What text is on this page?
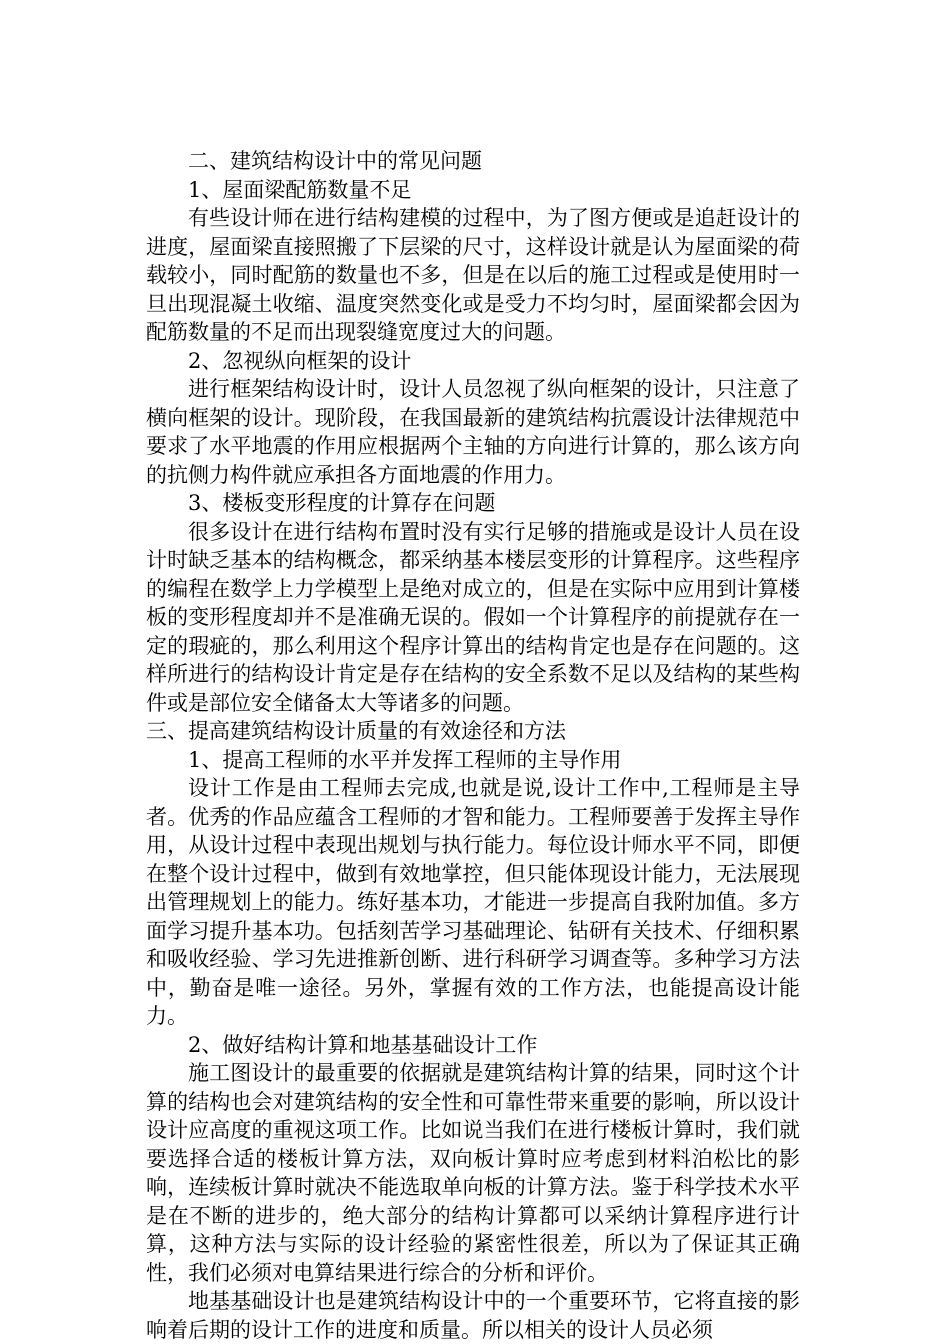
二、建筑结构设计中的常见问题

1、屋面梁配筋数量不足

有些设计师在进行结构建模的过程中，为了图方便或是追赶设计的进度，屋面梁直接照搬了下层梁的尺寸，这样设计就是认为屋面梁的荷载较小，同时配筋的数量也不多，但是在以后的施工过程或是使用时一旦出现混凝土收缩、温度突然变化或是受力不均匀时，屋面梁都会因为配筋数量的不足而出现裂缝宽度过大的问题。

2、忽视纵向框架的设计

进行框架结构设计时，设计人员忽视了纵向框架的设计，只注意了横向框架的设计。现阶段，在我国最新的建筑结构抗震设计法律规范中要求了水平地震的作用应根据两个主轴的方向进行计算的，那么该方向的抗侧力构件就应承担各方面地震的作用力。

3、楼板变形程度的计算存在问题

很多设计在进行结构布置时没有实行足够的措施或是设计人员在设计时缺乏基本的结构概念，都采纳基本楼层变形的计算程序。这些程序的编程在数学上力学模型上是绝对成立的，但是在实际中应用到计算楼板的变形程度却并不是准确无误的。假如一个计算程序的前提就存在一定的瑕疵的，那么利用这个程序计算出的结构肯定也是存在问题的。这样所进行的结构设计肯定是存在结构的安全系数不足以及结构的某些构件或是部位安全储备太大等诸多的问题。

三、提高建筑结构设计质量的有效途径和方法

1、提高工程师的水平并发挥工程师的主导作用

设计工作是由工程师去完成,也就是说,设计工作中,工程师是主导者。优秀的作品应蕴含工程师的才智和能力。工程师要善于发挥主导作用，从设计过程中表现出规划与执行能力。每位设计师水平不同，即便在整个设计过程中，做到有效地掌控，但只能体现设计能力，无法展现出管理规划上的能力。练好基本功，才能进一步提高自我附加值。多方面学习提升基本功。包括刻苦学习基础理论、钻研有关技术、仔细积累和吸收经验、学习先进推新创断、进行科研学习调查等。多种学习方法中，勤奋是唯一途径。另外，掌握有效的工作方法，也能提高设计能力。

2、做好结构计算和地基基础设计工作

施工图设计的最重要的依据就是建筑结构计算的结果，同时这个计算的结构也会对建筑结构的安全性和可靠性带来重要的影响，所以设计设计应高度的重视这项工作。比如说当我们在进行楼板计算时，我们就要选择合适的楼板计算方法，双向板计算时应考虑到材料泊松比的影响，连续板计算时就决不能选取单向板的计算方法。鉴于科学技术水平是在不断的进步的，绝大部分的结构计算都可以采纳计算程序进行计算，这种方法与实际的设计经验的紧密性很差，所以为了保证其正确性，我们必须对电算结果进行综合的分析和评价。

地基基础设计也是建筑结构设计中的一个重要环节，它将直接的影响着后期的设计工作的进度和质量。所以相关的设计人员必须
